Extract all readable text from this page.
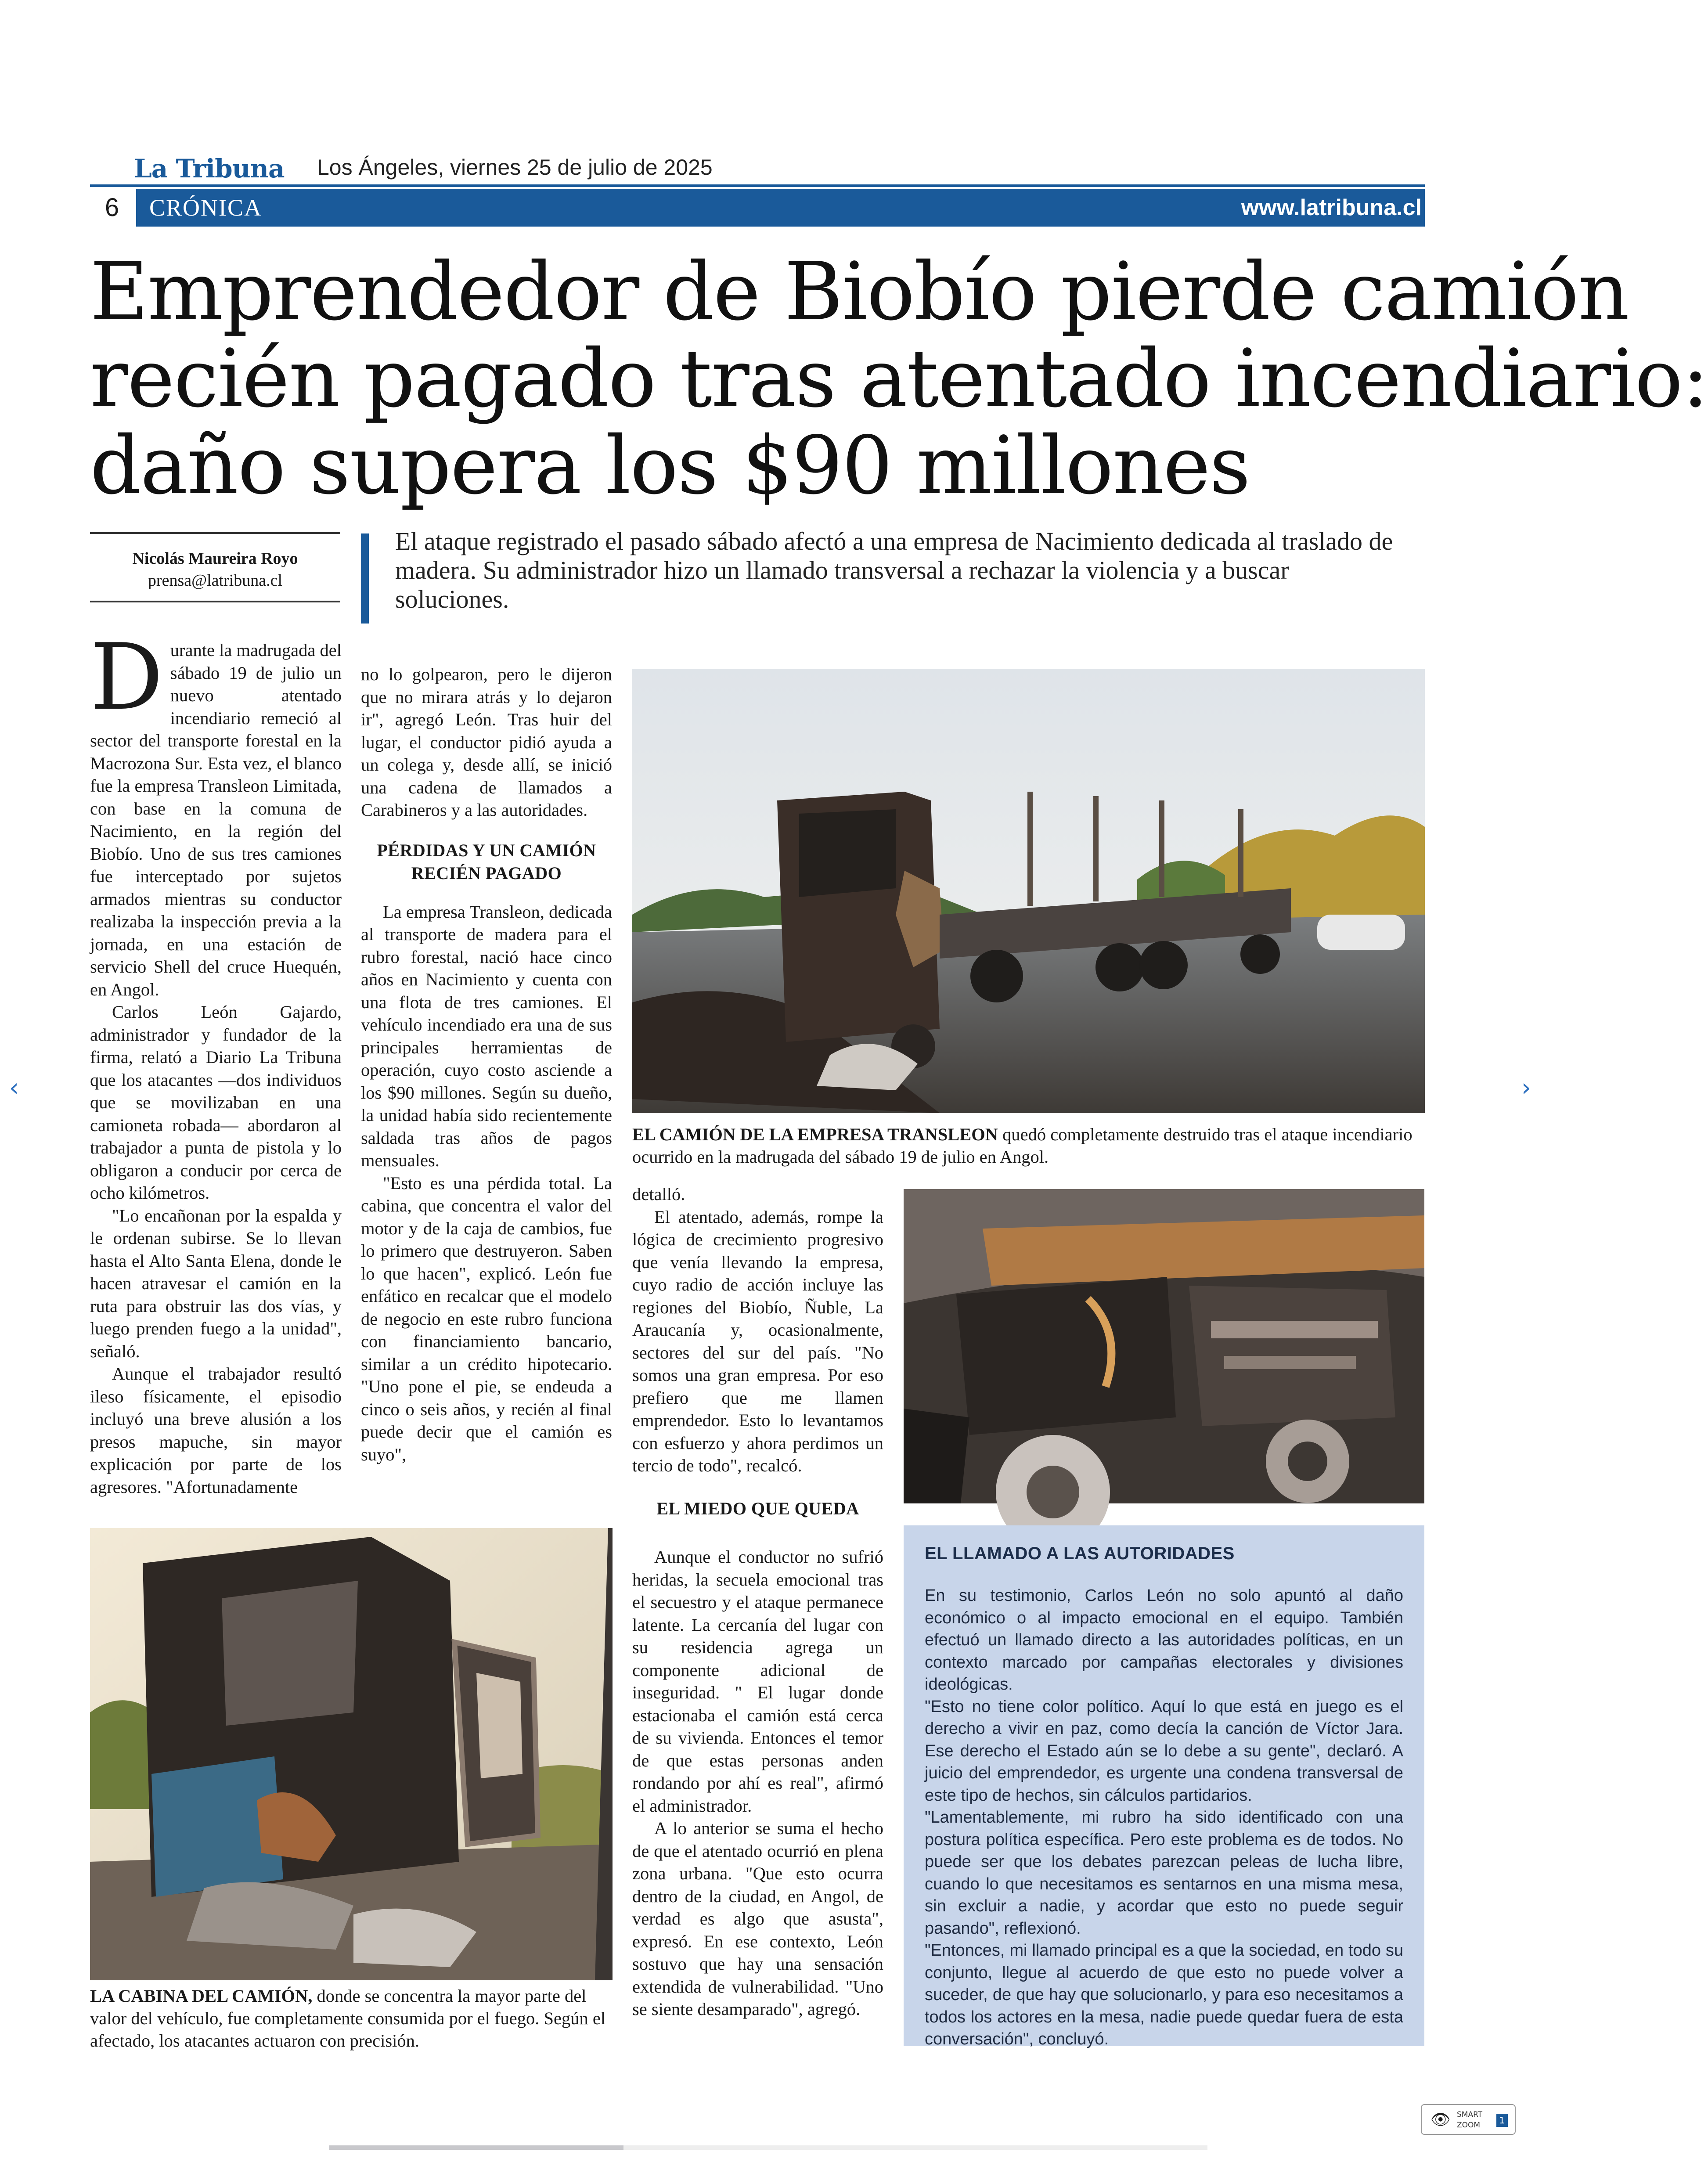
La Tribuna Los Ángeles, viernes 25 de julio de 2025
6	CRÓNICA	www.latribuna.cl
Emprendedor de Biobío pierde camión
recién pagado tras atentado incendiario:
daño supera los $90 millones
Nicolás Maureira Royo
prensa@latribuna.cl
El ataque registrado el pasado sábado afectó a una empresa de Nacimiento dedicada al traslado de madera. Su administrador hizo un llamado transversal a rechazar la violencia y a buscar soluciones.

Durante la madrugada del sábado 19 de julio un nuevo atentado incendiario remeció al sector del transporte forestal en la Macrozona Sur. Esta vez, el blanco fue la empresa Transleon Limitada, con base en la comuna de Nacimiento, en la región del Biobío. Uno de sus tres camiones fue interceptado por sujetos armados mientras su conductor realizaba la inspección previa a la jornada, en una estación de servicio Shell del cruce Huequén, en Angol.

Carlos León Gajardo, administrador y fundador de la firma, relató a Diario La Tribuna que los atacantes —dos individuos que se movilizaban en una camioneta robada— abordaron al trabajador a punta de pistola y lo obligaron a conducir por cerca de ocho kilómetros.

"Lo encañonan por la espalda y le ordenan subirse. Se lo llevan hasta el Alto Santa Elena, donde le hacen atravesar el camión en la ruta para obstruir las dos vías, y luego prenden fuego a la unidad", señaló.

Aunque el trabajador resultó ileso físicamente, el episodio incluyó una breve alusión a los presos mapuche, sin mayor explicación por parte de los agresores. "Afortunadamente

no lo golpearon, pero le dijeron que no mirara atrás y lo dejaron ir", agregó León. Tras huir del lugar, el conductor pidió ayuda a un colega y, desde allí, se inició una cadena de llamados a Carabineros y a las autoridades.

PÉRDIDAS Y UN CAMIÓN
RECIÉN PAGADO

La empresa Transleon, dedicada al transporte de madera para el rubro forestal, nació hace cinco años en Nacimiento y cuenta con una flota de tres camiones. El vehículo incendiado era una de sus principales herramientas de operación, cuyo costo asciende a los $90 millones. Según su dueño, la unidad había sido recientemente saldada tras años de pagos mensuales.

"Esto es una pérdida total. La cabina, que concentra el valor del motor y de la caja de cambios, fue lo primero que destruyeron. Saben lo que hacen", explicó. León fue enfático en recalcar que el modelo de negocio en este rubro funciona con financiamiento bancario, similar a un crédito hipotecario. "Uno pone el pie, se endeuda a cinco o seis años, y recién al final puede decir que el camión es suyo",

EL CAMIÓN DE LA EMPRESA TRANSLEON quedó completamente destruido tras el ataque incendiario ocurrido en la madrugada del sábado 19 de julio en Angol.

detalló.

El atentado, además, rompe la lógica de crecimiento progresivo que venía llevando la empresa, cuyo radio de acción incluye las regiones del Biobío, Ñuble, La Araucanía y, ocasionalmente, sectores del sur del país. "No somos una gran empresa. Por eso prefiero que me llamen emprendedor. Esto lo levantamos con esfuerzo y ahora perdimos un tercio de todo", recalcó.

EL MIEDO QUE QUEDA

Aunque el conductor no sufrió heridas, la secuela emocional tras el secuestro y el ataque permanece latente. La cercanía del lugar con su residencia agrega un componente adicional de inseguridad. " El lugar donde estacionaba el camión está cerca de su vivienda. Entonces el temor de que estas personas anden rondando por ahí es real", afirmó el administrador.

A lo anterior se suma el hecho de que el atentado ocurrió en plena zona urbana. "Que esto ocurra dentro de la ciudad, en Angol, de verdad es algo que asusta", expresó. En ese contexto, León sostuvo que hay una sensación extendida de vulnerabilidad. "Uno se siente desamparado", agregó.

LA CABINA DEL CAMIÓN, donde se concentra la mayor parte del valor del vehículo, fue completamente consumida por el fuego. Según el afectado, los atacantes actuaron con precisión.
EL LLAMADO A LAS AUTORIDADES

En su testimonio, Carlos León no solo apuntó al daño económico o al impacto emocional en el equipo. También efectuó un llamado directo a las autoridades políticas, en un contexto marcado por campañas electorales y divisiones ideológicas.

"Esto no tiene color político. Aquí lo que está en juego es el derecho a vivir en paz, como decía la canción de Víctor Jara. Ese derecho el Estado aún se lo debe a su gente", declaró. A juicio del emprendedor, es urgente una condena transversal de este tipo de hechos, sin cálculos partidarios.

"Lamentablemente, mi rubro ha sido identificado con una postura política específica. Pero este problema es de todos. No puede ser que los debates parezcan peleas de lucha libre, cuando lo que necesitamos es sentarnos en una misma mesa, sin excluir a nadie, y acordar que esto no puede seguir pasando", reflexionó.

"Entonces, mi llamado principal es a que la sociedad, en todo su conjunto, llegue al acuerdo de que esto no puede volver a suceder, de que hay que solucionarlo, y para eso necesitamos a todos los actores en la mesa, nadie puede quedar fuera de esta conversación", concluyó.

‹	›
👁 SMART
ZOOM	1
